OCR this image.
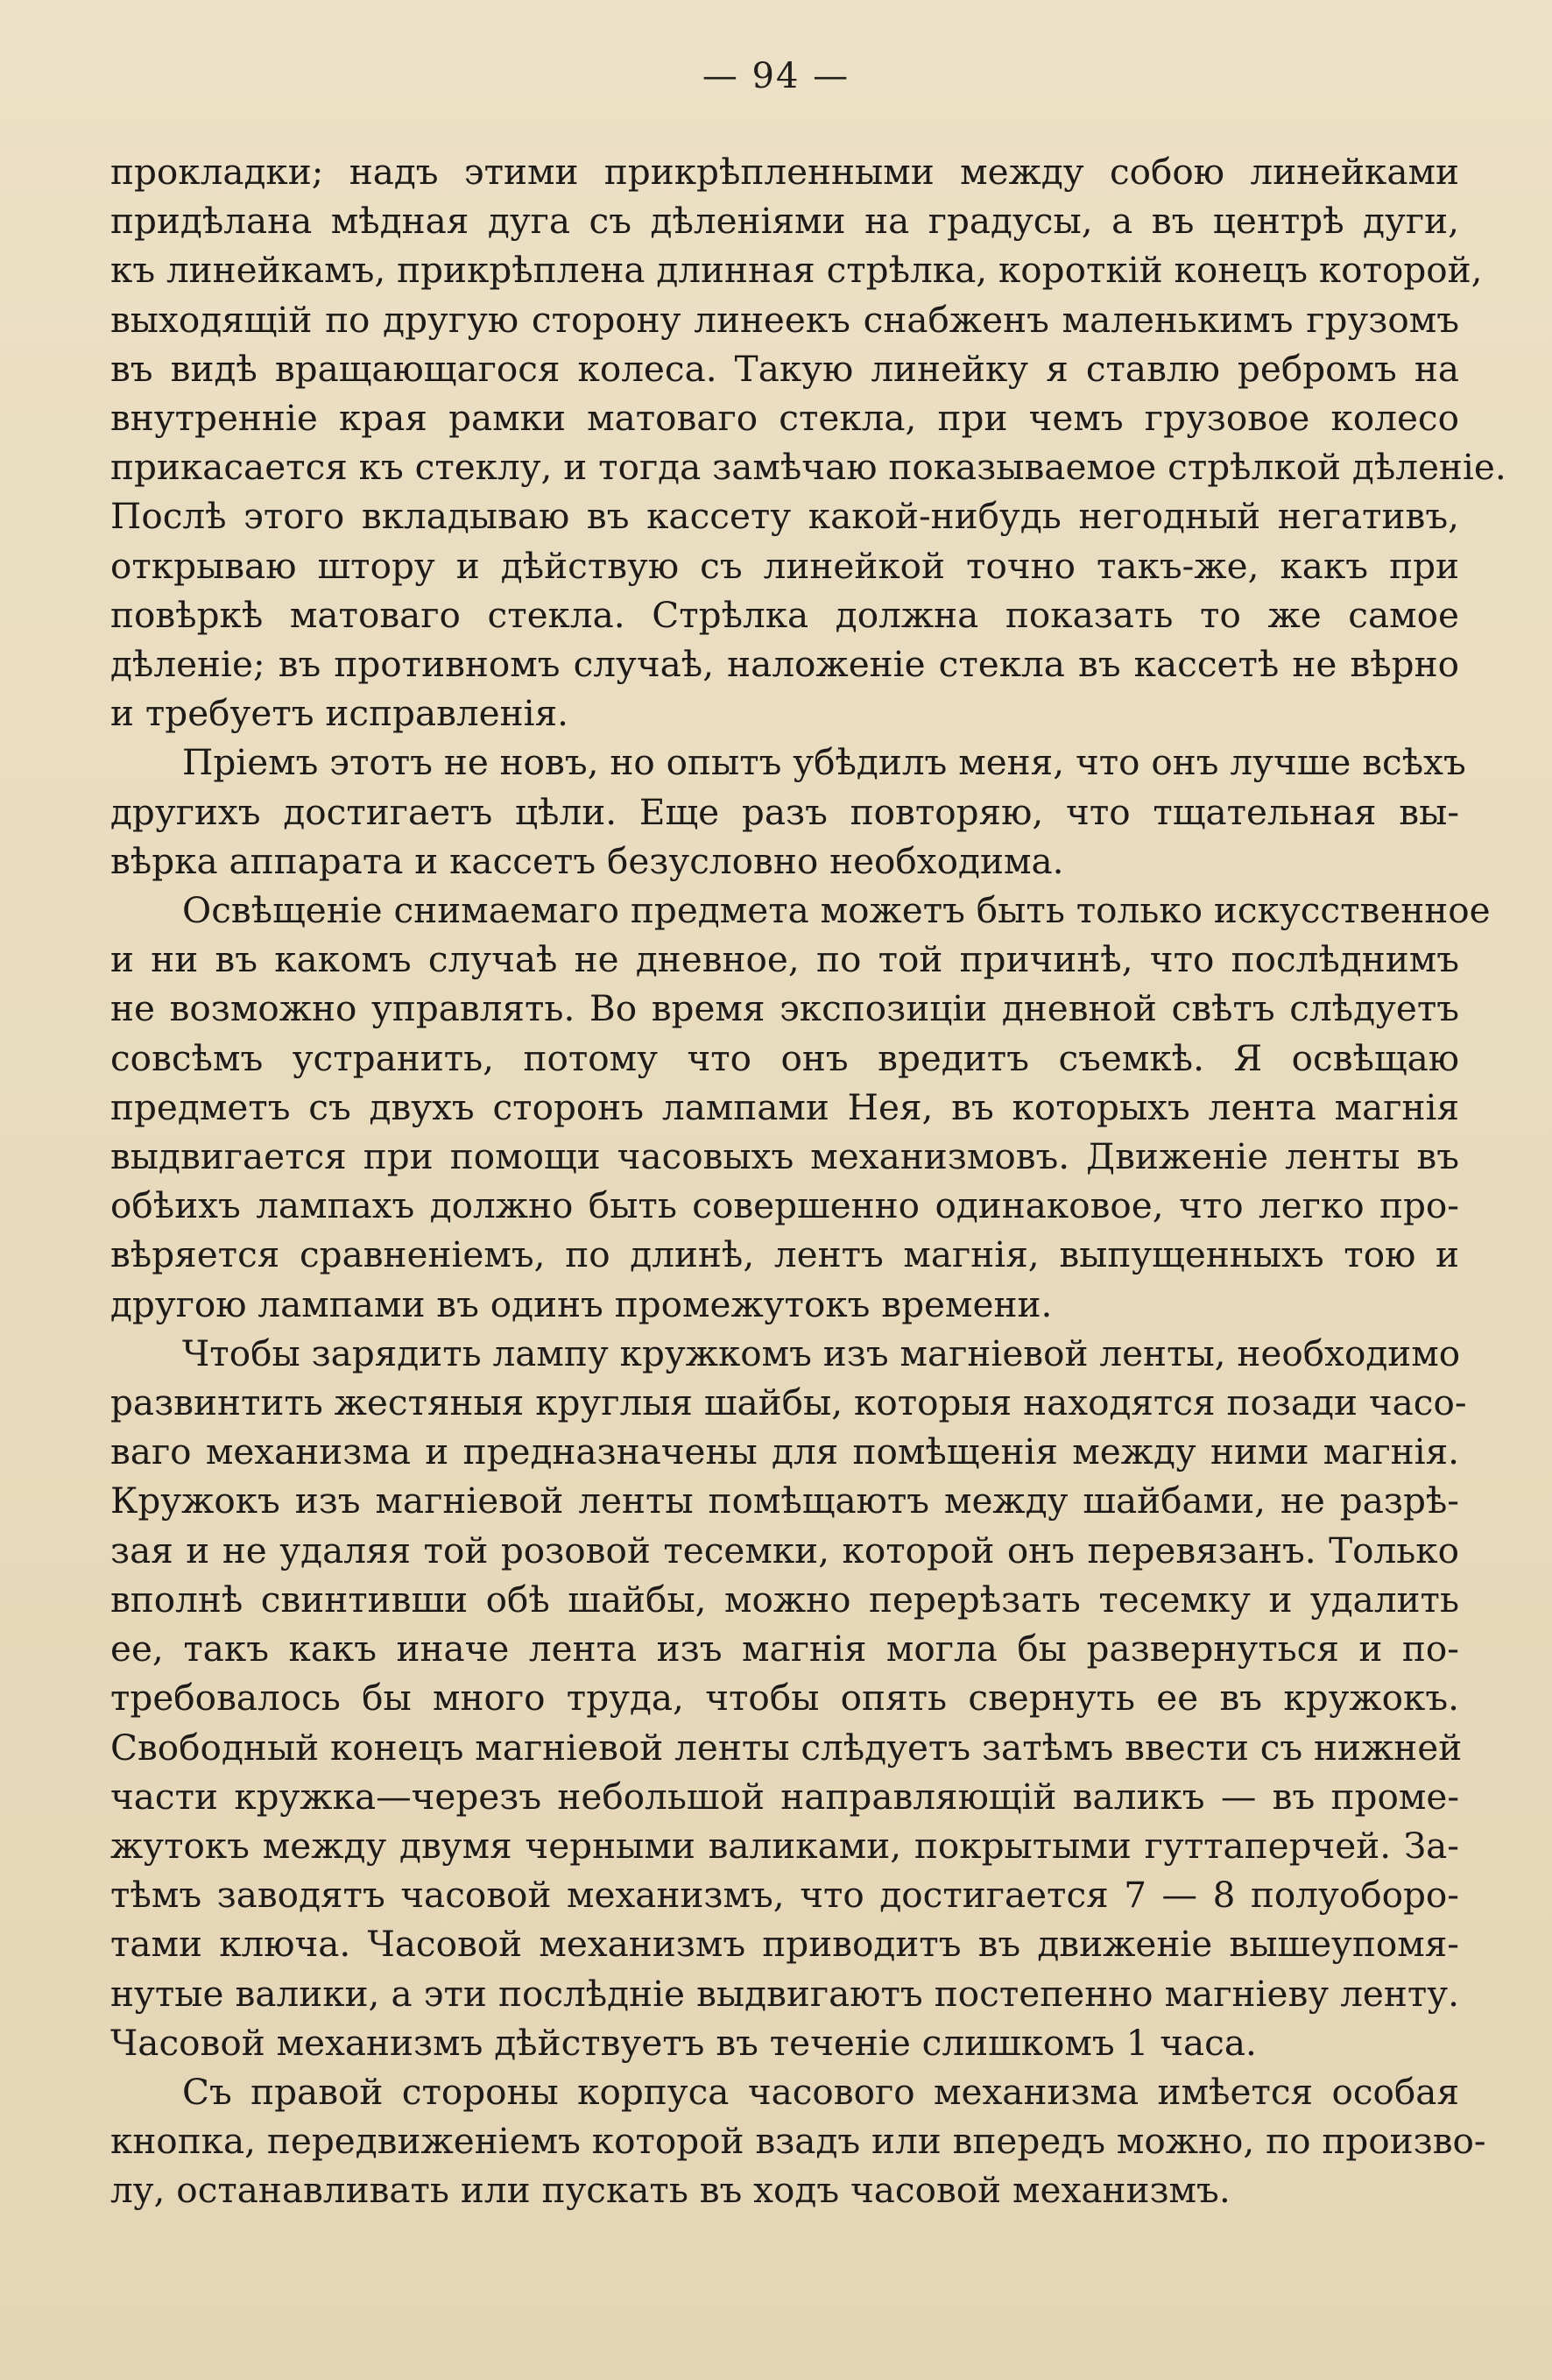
— 94 —

прокладки; надъ этими прикрѣпленными между собою линейками
придѣлана мѣдная дуга съ дѣленіями на градусы, а въ центрѣ дуги,
къ линейкамъ, прикрѣплена длинная стрѣлка, короткій конецъ которой,
выходящій по другую сторону линеекъ снабженъ маленькимъ грузомъ
въ видѣ вращающагося колеса. Такую линейку я ставлю ребромъ на
внутренніе края рамки матоваго стекла, при чемъ грузовое колесо
прикасается къ стеклу, и тогда замѣчаю показываемое стрѣлкой дѣленіе.
Послѣ этого вкладываю въ кассету какой-нибудь негодный негативъ,
открываю штору и дѣйствую съ линейкой точно такъ-же, какъ при
повѣркѣ матоваго стекла. Стрѣлка должна показать то же самое
дѣленіе; въ противномъ случаѣ, наложеніе стекла въ кассетѣ не вѣрно
и требуетъ исправленія.

Пріемъ этотъ не новъ, но опытъ убѣдилъ меня, что онъ лучше всѣхъ
другихъ достигаетъ цѣли. Еще разъ повторяю, что тщательная вы-
вѣрка аппарата и кассетъ безусловно необходима.

Освѣщеніе снимаемаго предмета можетъ быть только искусственное
и ни въ какомъ случаѣ не дневное, по той причинѣ, что послѣднимъ
не возможно управлять. Во время экспозиціи дневной свѣтъ слѣдуетъ
совсѣмъ устранить, потому что онъ вредитъ съемкѣ. Я освѣщаю
предметъ съ двухъ сторонъ лампами Нея, въ которыхъ лента магнія
выдвигается при помощи часовыхъ механизмовъ. Движеніе ленты въ
обѣихъ лампахъ должно быть совершенно одинаковое, что легко про-
вѣряется сравненіемъ, по длинѣ, лентъ магнія, выпущенныхъ тою и
другою лампами въ одинъ промежутокъ времени.

Чтобы зарядить лампу кружкомъ изъ магніевой ленты, необходимо
развинтить жестяныя круглыя шайбы, которыя находятся позади часо-
ваго механизма и предназначены для помѣщенія между ними магнія.
Кружокъ изъ магніевой ленты помѣщаютъ между шайбами, не разрѣ-
зая и не удаляя той розовой тесемки, которой онъ перевязанъ. Только
вполнѣ свинтивши обѣ шайбы, можно перерѣзать тесемку и удалить
ее, такъ какъ иначе лента изъ магнія могла бы развернуться и по-
требовалось бы много труда, чтобы опять свернуть ее въ кружокъ.
Свободный конецъ магніевой ленты слѣдуетъ затѣмъ ввести съ нижней
части кружка—черезъ небольшой направляющій валикъ — въ проме-
жутокъ между двумя черными валиками, покрытыми гуттаперчей. За-
тѣмъ заводятъ часовой механизмъ, что достигается 7 — 8 полуоборо-
тами ключа. Часовой механизмъ приводитъ въ движеніе вышеупомя-
нутые валики, а эти послѣдніе выдвигаютъ постепенно магніеву ленту.
Часовой механизмъ дѣйствуетъ въ теченіе слишкомъ 1 часа.

Съ правой стороны корпуса часового механизма имѣется особая
кнопка, передвиженіемъ которой взадъ или впередъ можно, по произво-
лу, останавливать или пускать въ ходъ часовой механизмъ.
